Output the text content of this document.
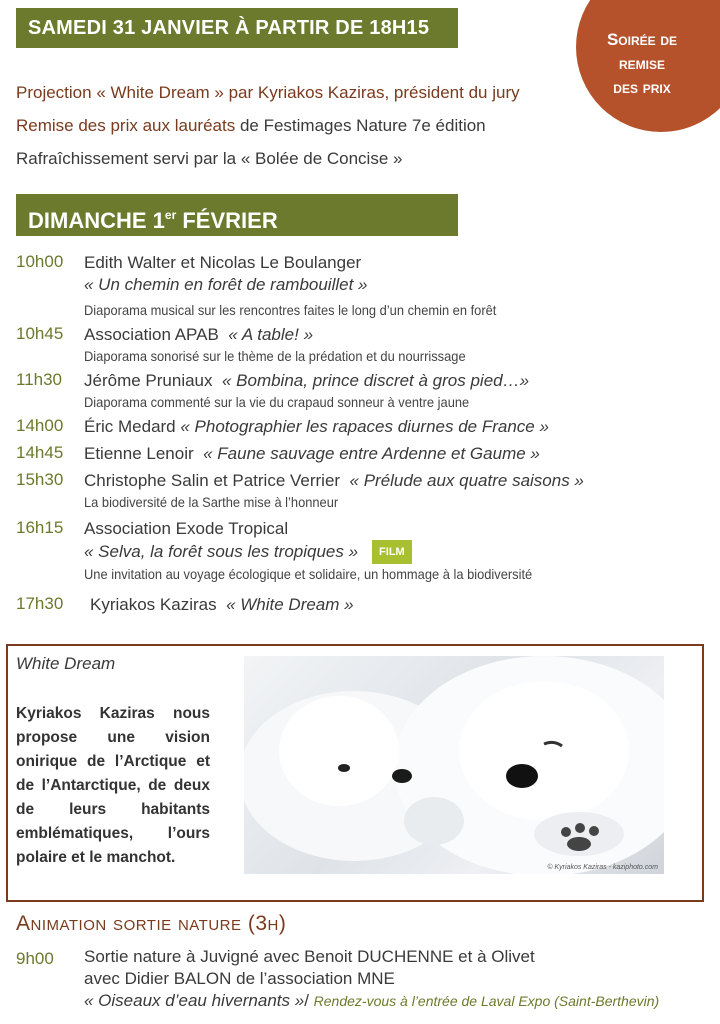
SAMEDI 31 JANVIER À PARTIR DE 18H15
Soirée de
remise
des prix
Projection « White Dream » par Kyriakos Kaziras, président du jury
Remise des prix aux lauréats de Festimages Nature 7e édition
Rafraîchissement servi par la « Bolée de Concise »
DIMANCHE 1er FÉVRIER
10h00 Edith Walter et Nicolas Le Boulanger
« Un chemin en forêt de rambouillet »
Diaporama musical sur les rencontres faites le long d’un chemin en forêt
10h45 Association APAB « A table! »
Diaporama sonorisé sur le thème de la prédation et du nourrissage
11h30 Jérôme Pruniaux « Bombina, prince discret à gros pied…»
Diaporama commenté sur la vie du crapaud sonneur à ventre jaune
14h00 Éric Medard « Photographier les rapaces diurnes de France »
14h45 Etienne Lenoir « Faune sauvage entre Ardenne et Gaume »
15h30 Christophe Salin et Patrice Verrier « Prélude aux quatre saisons »
La biodiversité de la Sarthe mise à l’honneur
16h15 Association Exode Tropical
« Selva, la forêt sous les tropiques » FILM
Une invitation au voyage écologique et solidaire, un hommage à la biodiversité
17h30 Kyriakos Kaziras « White Dream »
White Dream
Kyriakos Kaziras nous propose une vision onirique de l’Arctique et de l’Antarctique, de deux de leurs habitants emblématiques, l’ours polaire et le manchot.
© Kyriakos Kaziras - kaziphoto.com
Animation sortie nature (3h)
9h00 Sortie nature à Juvigné avec Benoit DUCHENNE et à Olivet
avec Didier BALON de l’association MNE
« Oiseaux d’eau hivernants »/ Rendez-vous à l’entrée de Laval Expo (Saint-Berthevin)
